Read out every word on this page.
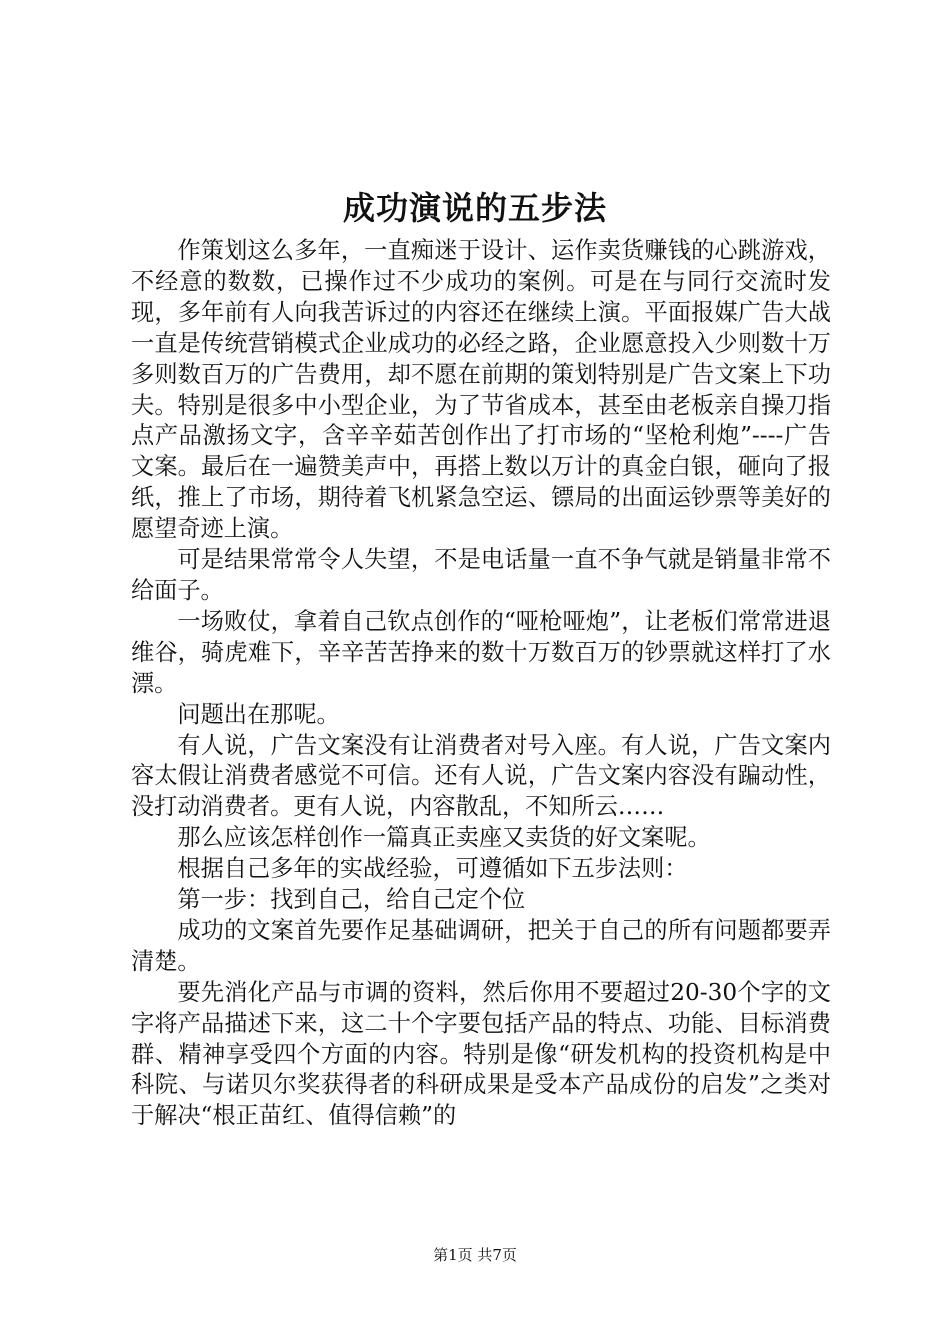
成功演说的五步法

作策划这么多年，一直痴迷于设计、运作卖货赚钱的心跳游戏，不经意的数数，已操作过不少成功的案例。可是在与同行交流时发现，多年前有人向我苦诉过的内容还在继续上演。平面报媒广告大战一直是传统营销模式企业成功的必经之路，企业愿意投入少则数十万多则数百万的广告费用，却不愿在前期的策划特别是广告文案上下功夫。特别是很多中小型企业，为了节省成本，甚至由老板亲自操刀指点产品激扬文字，含辛辛茹苦创作出了打市场的“坚枪利炮”----广告文案。最后在一遍赞美声中，再搭上数以万计的真金白银，砸向了报纸，推上了市场，期待着飞机紧急空运、镖局的出面运钞票等美好的愿望奇迹上演。

可是结果常常令人失望，不是电话量一直不争气就是销量非常不给面子。

一场败仗，拿着自己钦点创作的“哑枪哑炮”，让老板们常常进退维谷，骑虎难下，辛辛苦苦挣来的数十万数百万的钞票就这样打了水漂。

问题出在那呢。

有人说，广告文案没有让消费者对号入座。有人说，广告文案内容太假让消费者感觉不可信。还有人说，广告文案内容没有蹁动性，没打动消费者。更有人说，内容散乱，不知所云……

那么应该怎样创作一篇真正卖座又卖货的好文案呢。

根据自己多年的实战经验，可遵循如下五步法则：

第一步：找到自己，给自己定个位

成功的文案首先要作足基础调研，把关于自己的所有问题都要弄清楚。

要先消化产品与市调的资料，然后你用不要超过20-30个字的文字将产品描述下来，这二十个字要包括产品的特点、功能、目标消费群、精神享受四个方面的内容。特别是像“研发机构的投资机构是中科院、与诺贝尔奖获得者的科研成果是受本产品成份的启发”之类对于解决“根正苗红、值得信赖”的

第1页 共7页
